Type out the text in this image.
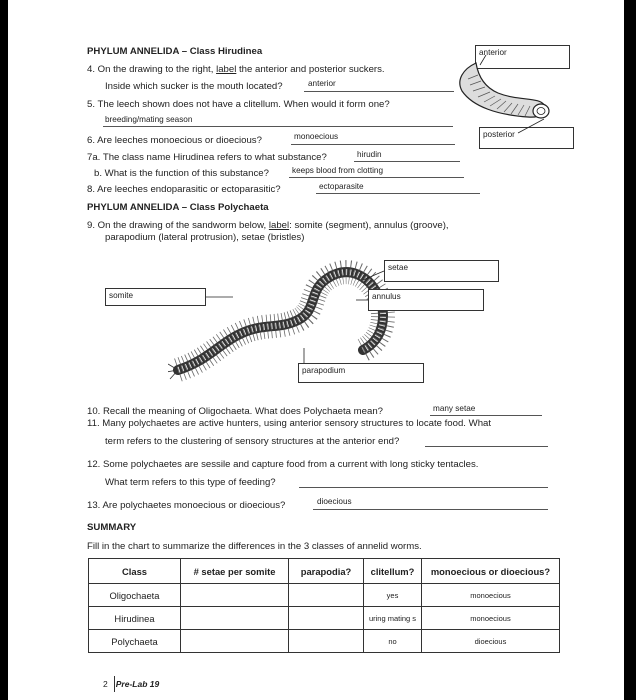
PHYLUM ANNELIDA – Class Hirudinea
4. On the drawing to the right, label the anterior and posterior suckers.
Inside which sucker is the mouth located?	anterior
5. The leech shown does not have a clitellum. When would it form one?
breeding/mating season
6. Are leeches monoecious or dioecious?	monoecious
7a. The class name Hirudinea refers to what substance?	hirudin
b. What is the function of this substance?	keeps blood from clotting
8. Are leeches endoparasitic or ectoparasitic?	ectoparasite
anterior
posterior
PHYLUM ANNELIDA – Class Polychaeta
9. On the drawing of the sandworm below, label: somite (segment), annulus (groove),
parapodium (lateral protrusion), setae (bristles)
setae
annulus
somite
parapodium
10. Recall the meaning of Oligochaeta. What does Polychaeta mean?	many setae
11. Many polychaetes are active hunters, using anterior sensory structures to locate food. What
term refers to the clustering of sensory structures at the anterior end?
12. Some polychaetes are sessile and capture food from a current with long sticky tentacles.
What term refers to this type of feeding?
13. Are polychaetes monoecious or dioecious?	dioecious
SUMMARY
Fill in the chart to summarize the differences in the 3 classes of annelid worms.
Class	# setae per somite	parapodia?	clitellum?	monoecious or dioecious?
Oligochaeta			yes	monoecious
Hirudinea			uring mating s	monoecious
Polychaeta			no	dioecious
2 Pre-Lab 19
